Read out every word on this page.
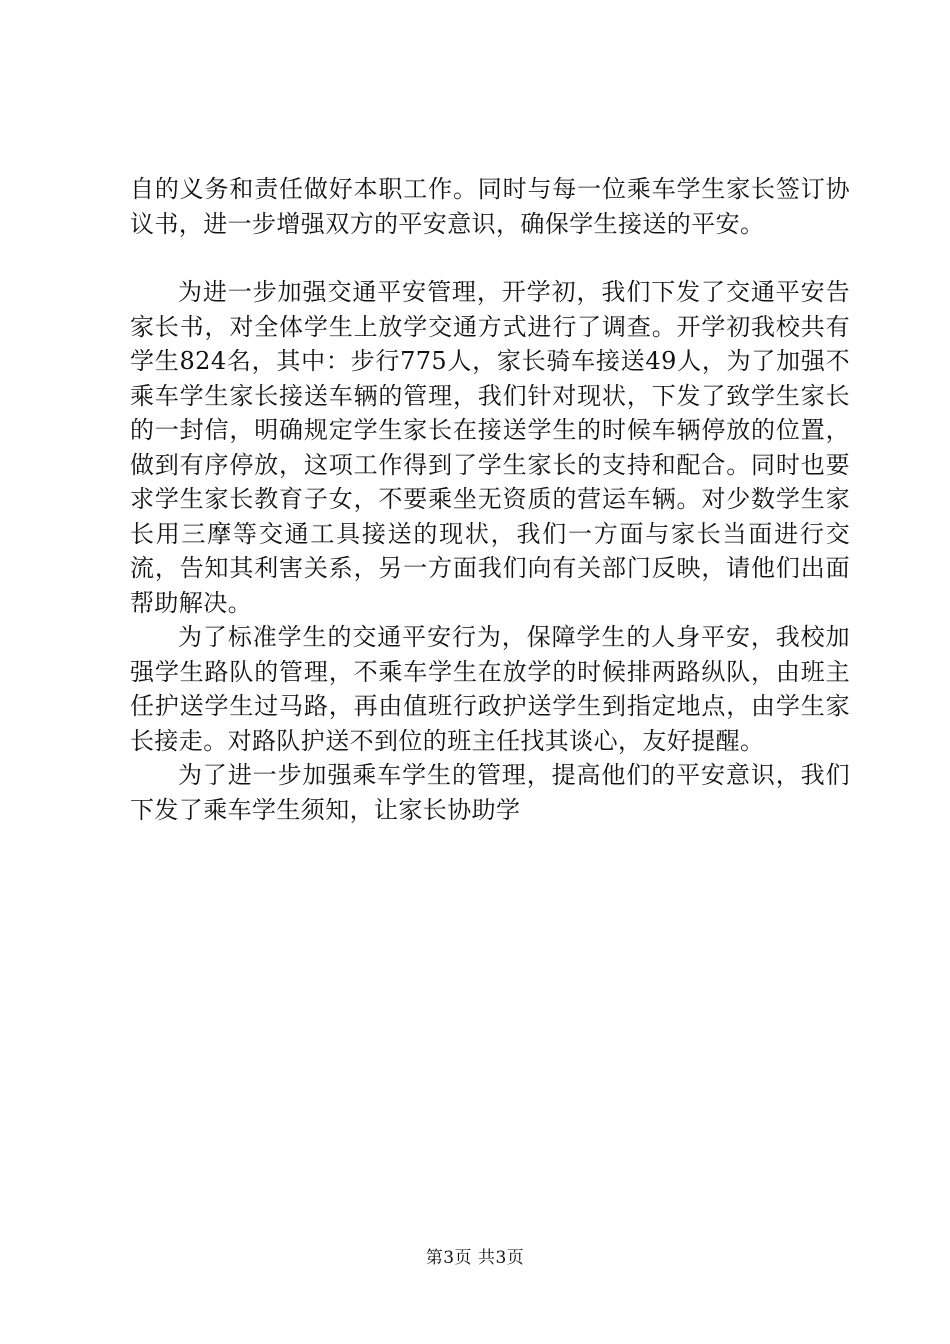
自的义务和责任做好本职工作。同时与每一位乘车学生家长签订协议书，进一步增强双方的平安意识，确保学生接送的平安。

为进一步加强交通平安管理，开学初，我们下发了交通平安告家长书，对全体学生上放学交通方式进行了调查。开学初我校共有学生824名，其中：步行775人，家长骑车接送49人，为了加强不乘车学生家长接送车辆的管理，我们针对现状，下发了致学生家长的一封信，明确规定学生家长在接送学生的时候车辆停放的位置，做到有序停放，这项工作得到了学生家长的支持和配合。同时也要求学生家长教育子女，不要乘坐无资质的营运车辆。对少数学生家长用三摩等交通工具接送的现状，我们一方面与家长当面进行交流，告知其利害关系，另一方面我们向有关部门反映，请他们出面帮助解决。

为了标准学生的交通平安行为，保障学生的人身平安，我校加强学生路队的管理，不乘车学生在放学的时候排两路纵队，由班主任护送学生过马路，再由值班行政护送学生到指定地点，由学生家长接走。对路队护送不到位的班主任找其谈心，友好提醒。

为了进一步加强乘车学生的管理，提高他们的平安意识，我们下发了乘车学生须知，让家长协助学

第3页 共3页
